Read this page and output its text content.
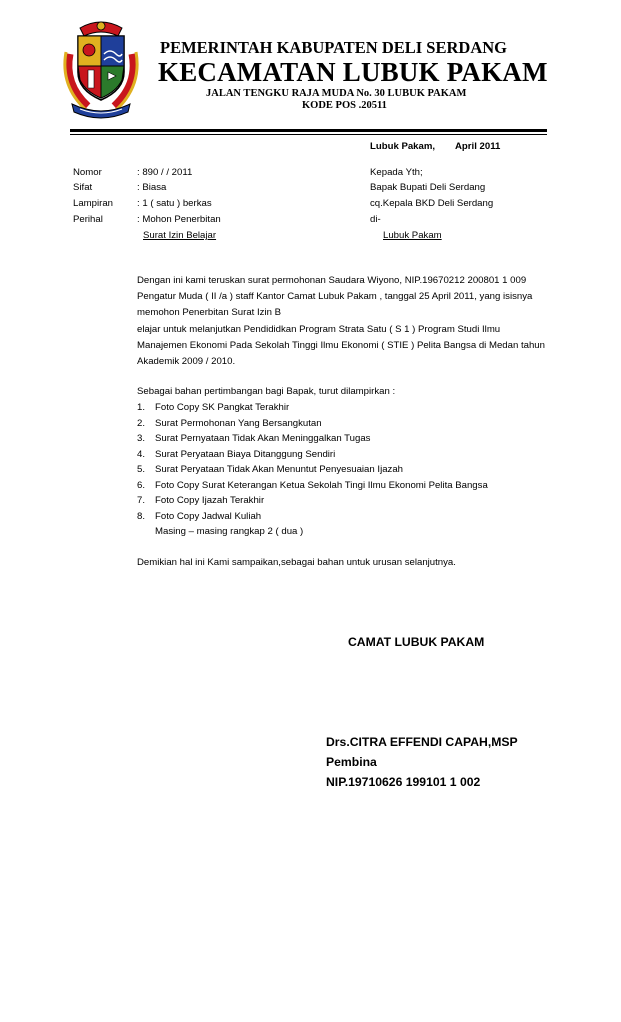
PEMERINTAH KABUPATEN DELI SERDANG
KECAMATAN LUBUK PAKAM
JALAN TENGKU RAJA MUDA No. 30 LUBUK PAKAM
KODE POS .20511
Lubuk Pakam, April 2011
Nomor	: 890 / / 2011
Sifat	: Biasa
Lampiran	: 1 ( satu ) berkas
Perihal	: Mohon Penerbitan
Surat Izin Belajar
Kepada Yth;
Bapak Bupati Deli Serdang
cq.Kepala BKD Deli Serdang
di-
Lubuk Pakam

Dengan ini kami teruskan surat permohonan Saudara Wiyono, NIP.19670212 200801 1 009 Pengatur Muda ( II /a ) staff Kantor Camat Lubuk Pakam , tanggal 25 April 2011, yang isisnya memohon Penerbitan Surat Izin B

elajar untuk melanjutkan Pendididkan Program Strata Satu ( S 1 ) Program Studi Ilmu Manajemen Ekonomi Pada Sekolah Tinggi Ilmu Ekonomi ( STIE ) Pelita Bangsa di Medan tahun Akademik 2009 / 2010.

Sebagai bahan pertimbangan bagi Bapak, turut dilampirkan :
1. Foto Copy SK Pangkat Terakhir
2. Surat Permohonan Yang Bersangkutan
3. Surat Pernyataan Tidak Akan Meninggalkan Tugas
4. Surat Peryataan Biaya Ditanggung Sendiri
5. Surat Peryataan Tidak Akan Menuntut Penyesuaian Ijazah
6. Foto Copy Surat Keterangan Ketua Sekolah Tingi Ilmu Ekonomi Pelita Bangsa
7. Foto Copy Ijazah Terakhir
8. Foto Copy Jadwal Kuliah
Masing – masing rangkap 2 ( dua )
Demikian hal ini Kami sampaikan,sebagai bahan untuk urusan selanjutnya.
CAMAT LUBUK PAKAM
Drs.CITRA EFFENDI CAPAH,MSP
Pembina
NIP.19710626 199101 1 002
